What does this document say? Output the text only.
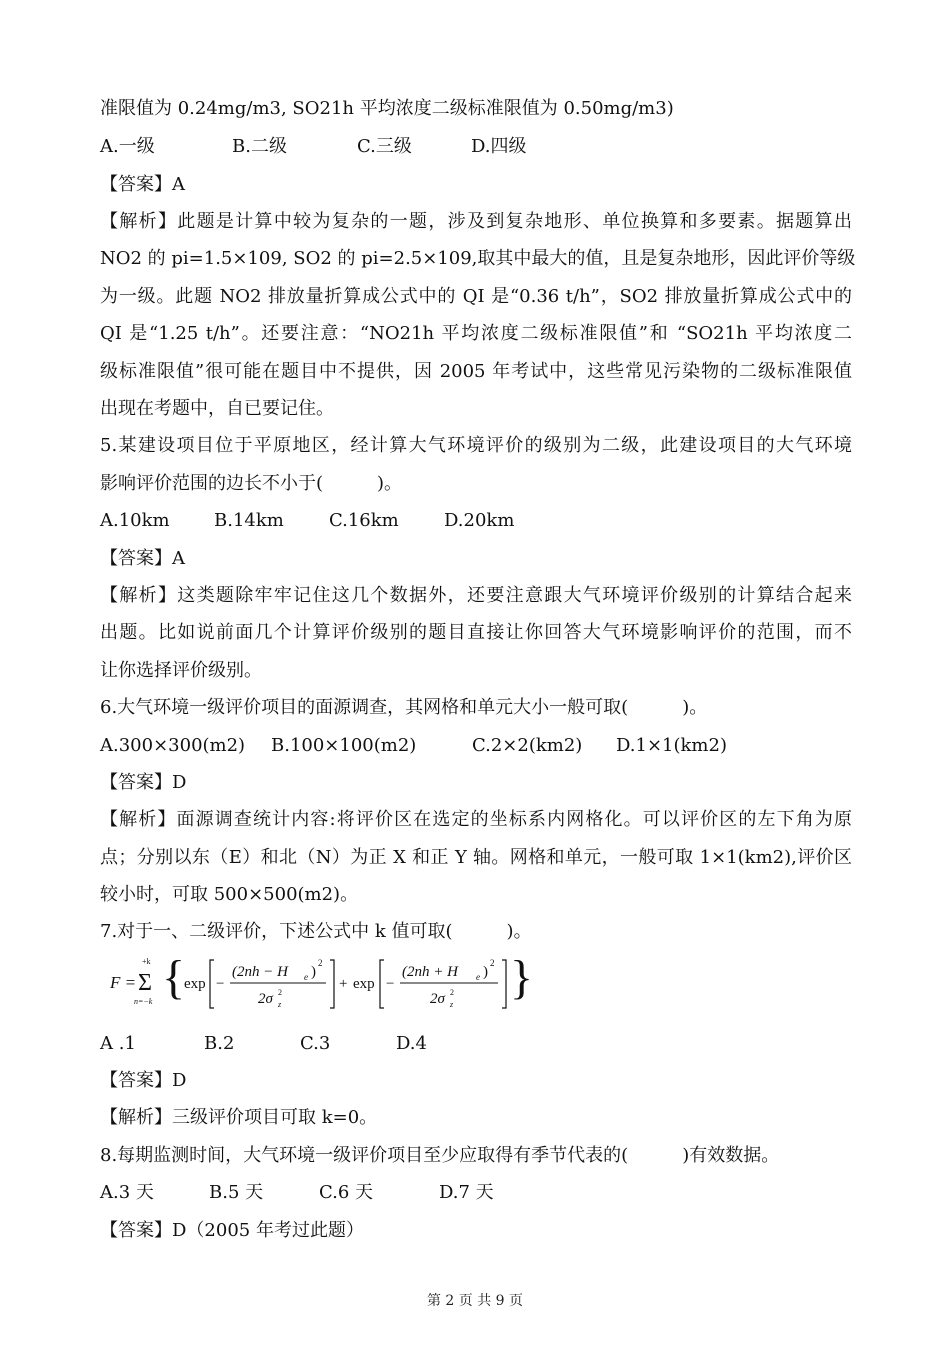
准限值为 0.24mg/m3, SO21h 平均浓度二级标准限值为 0.50mg/m3)
A.一级	B.二级	C.三级	D.四级
【答案】A
【解析】此题是计算中较为复杂的一题，涉及到复杂地形、单位换算和多要素。据题算出
NO2 的 pi=1.5×109, SO2 的 pi=2.5×109,取其中最大的值，且是复杂地形，因此评价等级
为一级。此题 NO2 排放量折算成公式中的 QI 是“0.36 t/h”，SO2 排放量折算成公式中的
QI 是“1.25 t/h”。还要注意：“NO21h 平均浓度二级标准限值”和 “SO21h 平均浓度二
级标准限值”很可能在题目中不提供，因 2005 年考试中，这些常见污染物的二级标准限值
出现在考题中，自已要记住。
5.某建设项目位于平原地区，经计算大气环境评价的级别为二级，此建设项目的大气环境
影响评价范围的边长不小于(　　　)。
A.10km	B.14km	C.16km	D.20km
【答案】A
【解析】这类题除牢牢记住这几个数据外，还要注意跟大气环境评价级别的计算结合起来
出题。比如说前面几个计算评价级别的题目直接让你回答大气环境影响评价的范围，而不
让你选择评价级别。
6.大气环境一级评价项目的面源调查，其网格和单元大小一般可取(　　　)。
A.300×300(m2)	B.100×100(m2)	C.2×2(km2)	D.1×1(km2)
【答案】D
【解析】面源调查统计内容:将评价区在选定的坐标系内网格化。可以评价区的左下角为原
点；分别以东（E）和北（N）为正 X 和正 Y 轴。网格和单元，一般可取 1×1(km2),评价区
较小时，可取 500×500(m2)。
7.对于一、二级评价，下述公式中 k 值可取(　　　)。
F =
+k
Σ
n=−k {
exp −
(2nh − H e )
2
2σ 2
z
+ exp −
(2nh + H e )
2
2σ 2
z
}
A .1	B.2	C.3	D.4
【答案】D
【解析】三级评价项目可取 k=0。
8.每期监测时间，大气环境一级评价项目至少应取得有季节代表的(　　　)有效数据。
A.3 天	B.5 天	C.6 天	D.7 天
【答案】D（2005 年考过此题）
第 2 页 共 9 页
